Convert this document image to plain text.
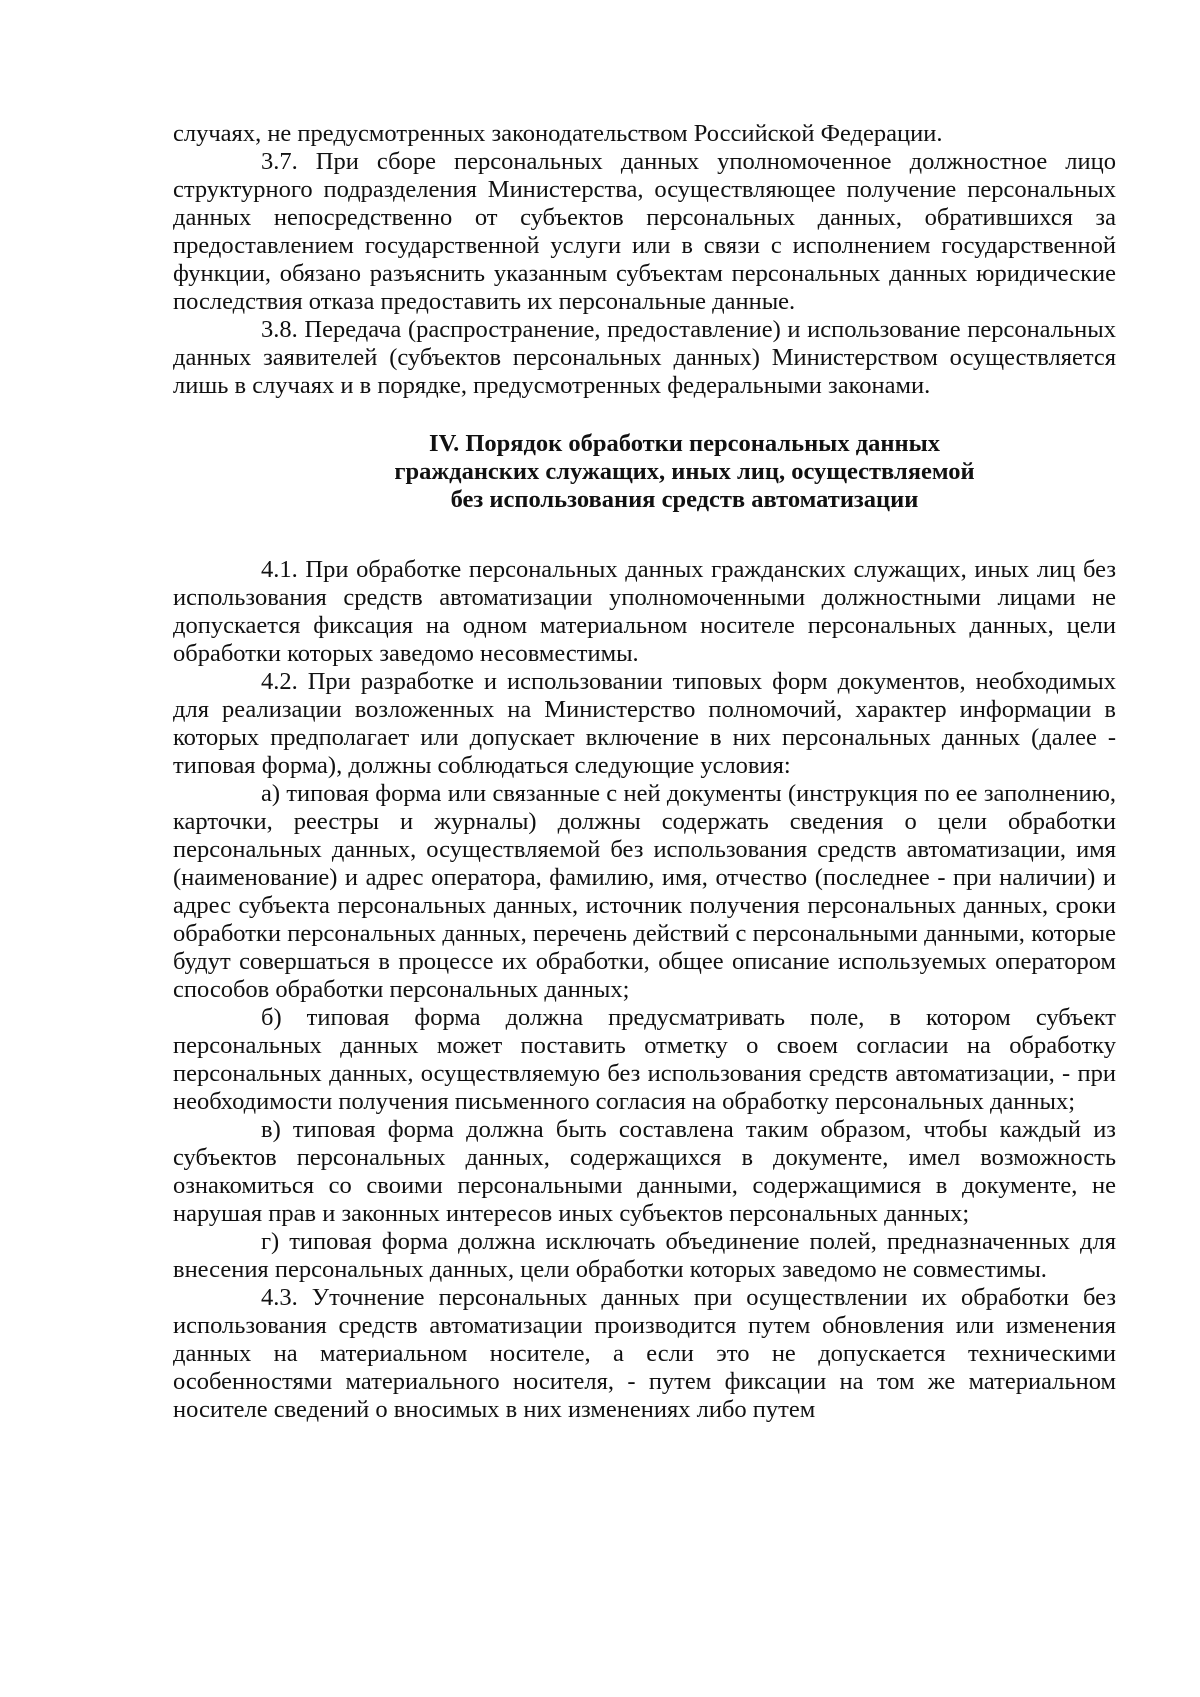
случаях, не предусмотренных законодательством Российской Федерации.

3.7. При сборе персональных данных уполномоченное должностное лицо структурного подразделения Министерства, осуществляющее получение персональных данных непосредственно от субъектов персональных данных, обратившихся за предоставлением государственной услуги или в связи с исполнением государственной функции, обязано разъяснить указанным субъектам персональных данных юридические последствия отказа предоставить их персональные данные.

3.8. Передача (распространение, предоставление) и использование персональных данных заявителей (субъектов персональных данных) Министерством осуществляется лишь в случаях и в порядке, предусмотренных федеральными законами.

IV. Порядок обработки персональных данных
гражданских служащих, иных лиц, осуществляемой
без использования средств автоматизации

4.1. При обработке персональных данных гражданских служащих, иных лиц без использования средств автоматизации уполномоченными должностными лицами не допускается фиксация на одном материальном носителе персональных данных, цели обработки которых заведомо несовместимы.

4.2. При разработке и использовании типовых форм документов, необходимых для реализации возложенных на Министерство полномочий, характер информации в которых предполагает или допускает включение в них персональных данных (далее - типовая форма), должны соблюдаться следующие условия:

а) типовая форма или связанные с ней документы (инструкция по ее заполнению, карточки, реестры и журналы) должны содержать сведения о цели обработки персональных данных, осуществляемой без использования средств автоматизации, имя (наименование) и адрес оператора, фамилию, имя, отчество (последнее - при наличии) и адрес субъекта персональных данных, источник получения персональных данных, сроки обработки персональных данных, перечень действий с персональными данными, которые будут совершаться в процессе их обработки, общее описание используемых оператором способов обработки персональных данных;

б) типовая форма должна предусматривать поле, в котором субъект персональных данных может поставить отметку о своем согласии на обработку персональных данных, осуществляемую без использования средств автоматизации, - при необходимости получения письменного согласия на обработку персональных данных;

в) типовая форма должна быть составлена таким образом, чтобы каждый из субъектов персональных данных, содержащихся в документе, имел возможность ознакомиться со своими персональными данными, содержащимися в документе, не нарушая прав и законных интересов иных субъектов персональных данных;

г) типовая форма должна исключать объединение полей, предназначенных для внесения персональных данных, цели обработки которых заведомо не совместимы.

4.3. Уточнение персональных данных при осуществлении их обработки без использования средств автоматизации производится путем обновления или изменения данных на материальном носителе, а если это не допускается техническими особенностями материального носителя, - путем фиксации на том же материальном носителе сведений о вносимых в них изменениях либо путем
